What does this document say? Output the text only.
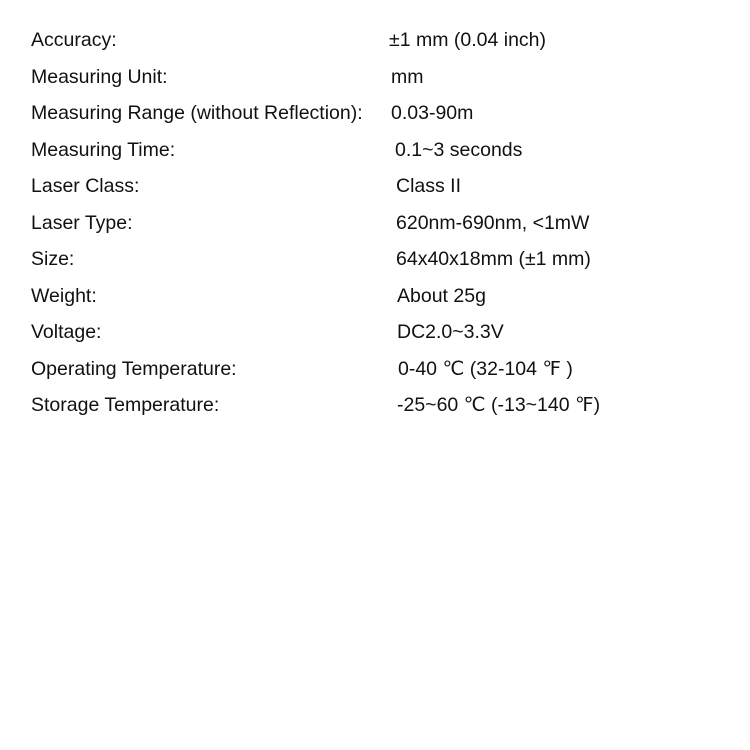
Accuracy:	±1 mm (0.04 inch)
Measuring Unit:	mm
Measuring Range (without Reflection): 0.03-90m
Measuring Time:	0.1~3 seconds
Laser Class:	Class II
Laser Type:	620nm-690nm, <1mW
Size:	64x40x18mm (±1 mm)
Weight:	About 25g
Voltage:	DC2.0~3.3V
Operating Temperature:	0-40 ℃ (32-104 ℉ )
Storage Temperature:	-25~60 ℃ (-13~140 ℉)
